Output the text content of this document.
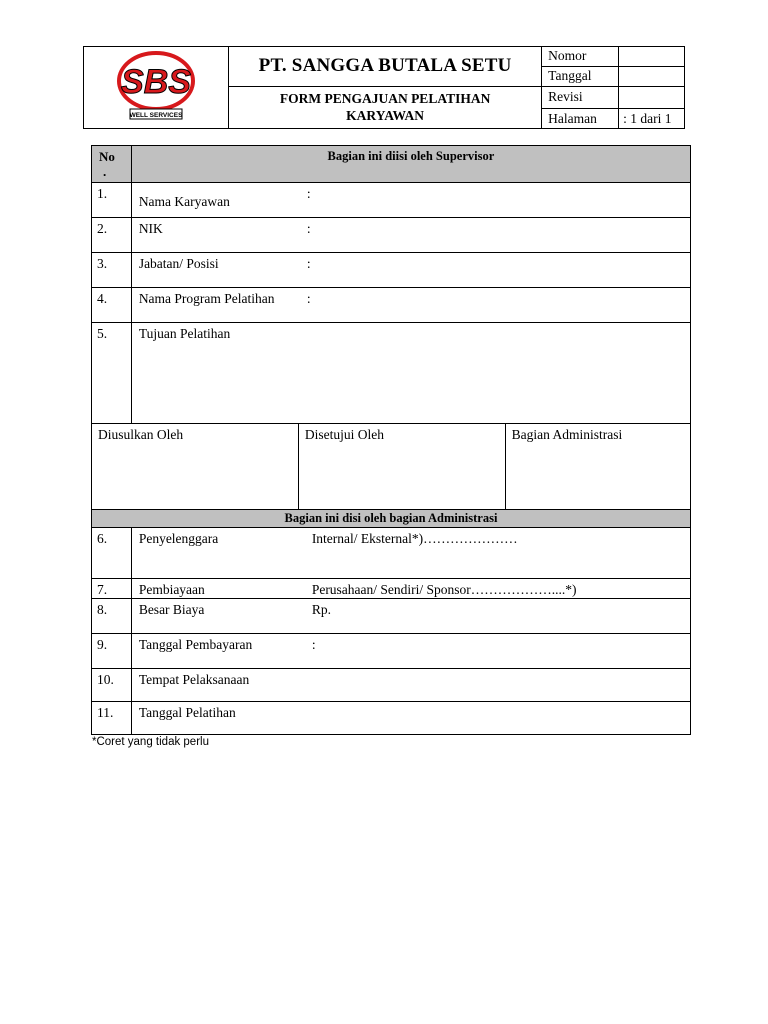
SBS
WELL SERVICES	PT. SANGGA BUTALA SETU	Nomor	
		Tanggal	

	FORM PENGAJUAN PELATIHAN
KARYAWAN	Revisi	
		Halaman	: 1 dari 1
No
.	Bagian ini diisi oleh Supervisor		
1.	Nama Karyawan
:		

2.	NIK :		

3.	Jabatan/ Posisi :		

4.	Nama Program Pelatihan :		

5.	Tujuan Pelatihan		
Diusulkan Oleh		Disetujui Oleh	Bagian Administrasi
Bagian ini disi oleh bagian Administrasi			
6.	Penyelenggara Internal/ Eksternal*)…………………		

7.	Pembiayaan Perusahaan/ Sendiri/ Sponsor………………....*)		

8.	Besar Biaya Rp.		

9.	Tanggal Pembayaran :		

10.	Tempat Pelaksanaan		

11.	Tanggal Pelatihan		
*Coret yang tidak perlu
